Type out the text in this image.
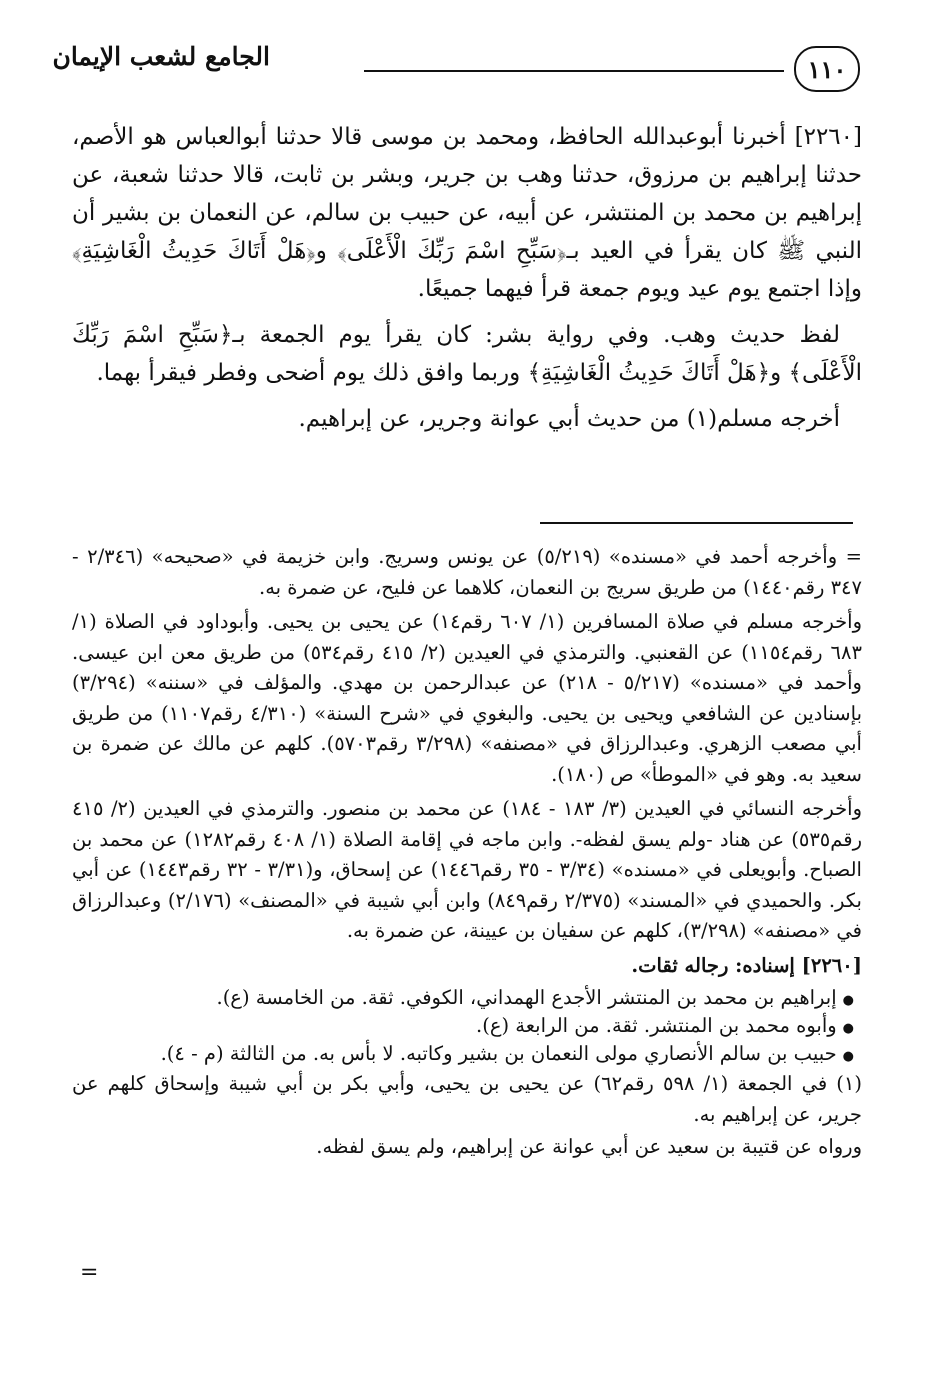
١١٠
الجامع لشعب الإيمان

[٢٢٦٠] أخبرنا أبوعبدالله الحافظ، ومحمد بن موسى قالا حدثنا أبوالعباس هو الأصم، حدثنا إبراهيم بن مرزوق، حدثنا وهب بن جرير، وبشر بن ثابت، قالا حدثنا شعبة، عن إبراهيم بن محمد بن المنتشر، عن أبيه، عن حبيب بن سالم، عن النعمان بن بشير أن النبي ﷺ كان يقرأ في العيد بـ﴿سَبِّحِ اسْمَ رَبِّكَ الْأَعْلَى﴾ و﴿هَلْ أَتَاكَ حَدِيثُ الْغَاشِيَةِ﴾ وإذا اجتمع يوم عيد ويوم جمعة قرأ فيهما جميعًا.

لفظ حديث وهب. وفي رواية بشر: كان يقرأ يوم الجمعة بـ﴿سَبِّحِ اسْمَ رَبِّكَ الْأَعْلَى﴾ و﴿هَلْ أَتَاكَ حَدِيثُ الْغَاشِيَةِ﴾ وربما وافق ذلك يوم أضحى وفطر فيقرأ بهما.

أخرجه مسلم(١) من حديث أبي عوانة وجرير، عن إبراهيم.

= وأخرجه أحمد في «مسنده» (٥/٢١٩) عن يونس وسريج. وابن خزيمة في «صحيحه» (٢/٣٤٦ - ٣٤٧ رقم١٤٤٠) من طريق سريج بن النعمان، كلاهما عن فليح، عن ضمرة به.

وأخرجه مسلم في صلاة المسافرين (١/ ٦٠٧ رقم١٤) عن يحيى بن يحيى. وأبوداود في الصلاة (١/ ٦٨٣ رقم١١٥٤) عن القعنبي. والترمذي في العيدين (٢/ ٤١٥ رقم٥٣٤) من طريق معن ابن عيسى. وأحمد في «مسنده» (٥/٢١٧ - ٢١٨) عن عبدالرحمن بن مهدي. والمؤلف في «سننه» (٣/٢٩٤) بإسنادين عن الشافعي ويحيى بن يحيى. والبغوي في «شرح السنة» (٤/٣١٠ رقم١١٠٧) من طريق أبي مصعب الزهري. وعبدالرزاق في «مصنفه» (٣/٢٩٨ رقم٥٧٠٣). كلهم عن مالك عن ضمرة بن سعيد به. وهو في «الموطأ» ص (١٨٠).

وأخرجه النسائي في العيدين (٣/ ١٨٣ - ١٨٤) عن محمد بن منصور. والترمذي في العيدين (٢/ ٤١٥ رقم٥٣٥) عن هناد -ولم يسق لفظه-. وابن ماجه في إقامة الصلاة (١/ ٤٠٨ رقم١٢٨٢) عن محمد بن الصباح. وأبويعلى في «مسنده» (٣/٣٤ - ٣٥ رقم١٤٤٦) عن إسحاق، و(٣/٣١ - ٣٢ رقم١٤٤٣) عن أبي بكر. والحميدي في «المسند» (٢/٣٧٥ رقم٨٤٩) وابن أبي شيبة في «المصنف» (٢/١٧٦) وعبدالرزاق في «مصنفه» (٣/٢٩٨)، كلهم عن سفيان بن عيينة، عن ضمرة به.

[٢٢٦٠] إسناده: رجاله ثقات.

● إبراهيم بن محمد بن المنتشر الأجدع الهمداني، الكوفي. ثقة. من الخامسة (ع).
● وأبوه محمد بن المنتشر. ثقة. من الرابعة (ع).
● حبيب بن سالم الأنصاري مولى النعمان بن بشير وكاتبه. لا بأس به. من الثالثة (م - ٤).

(١) في الجمعة (١/ ٥٩٨ رقم٦٢) عن يحيى بن يحيى، وأبي بكر بن أبي شيبة وإسحاق كلهم عن جرير، عن إبراهيم به.

ورواه عن قتيبة بن سعيد عن أبي عوانة عن إبراهيم، ولم يسق لفظه.

=
